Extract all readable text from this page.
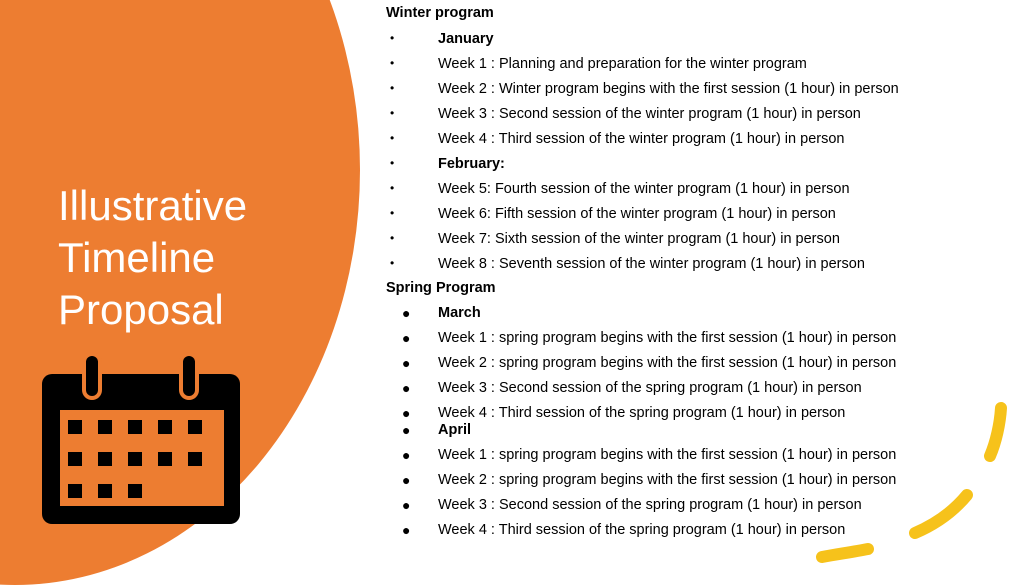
Illustrative
Timeline
Proposal
Winter program
•	January
•	Week 1 : Planning and preparation for the winter program
•	Week 2 : Winter program begins with the first session (1 hour) in person
•	Week 3 : Second session of the winter program (1 hour) in person
•	Week 4 : Third session of the winter program (1 hour) in person
•	February:
•	Week 5: Fourth session of the winter program (1 hour) in person
•	Week 6: Fifth session of the winter program (1 hour) in person
•	Week 7: Sixth session of the winter program (1 hour) in person
•	Week 8 : Seventh session of the winter program (1 hour) in person
Spring Program
● March
● Week 1 : spring program begins with the first session (1 hour) in person
● Week 2 : spring program begins with the first session (1 hour) in person
● Week 3 : Second session of the spring program (1 hour) in person
● Week 4 : Third session of the spring program (1 hour) in person
● April
● Week 1 : spring program begins with the first session (1 hour) in person
● Week 2 : spring program begins with the first session (1 hour) in person
● Week 3 : Second session of the spring program (1 hour) in person
● Week 4 : Third session of the spring program (1 hour) in person
